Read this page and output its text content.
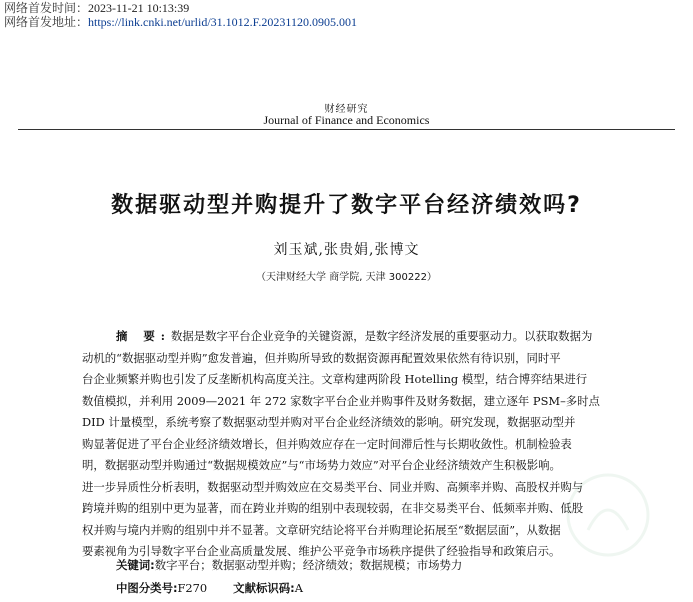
网络首发时间：2023-11-21 10:13:39
网络首发地址：https://link.cnki.net/urlid/31.1012.F.20231120.0905.001
财经研究
Journal of Finance and Economics
数据驱动型并购提升了数字平台经济绩效吗?
刘玉斌,张贵娟,张博文
（天津财经大学 商学院, 天津 300222）
摘 要:数据是数字平台企业竞争的关键资源，是数字经济发展的重要驱动力。以获取数据为
动机的“数据驱动型并购”愈发普遍，但并购所导致的数据资源再配置效果依然有待识别，同时平
台企业频繁并购也引发了反垄断机构高度关注。文章构建两阶段 Hotelling 模型，结合博弈结果进行
数值模拟，并利用 2009—2021 年 272 家数字平台企业并购事件及财务数据，建立逐年 PSM–多时点
DID 计量模型，系统考察了数据驱动型并购对平台企业经济绩效的影响。研究发现，数据驱动型并
购显著促进了平台企业经济绩效增长，但并购效应存在一定时间滞后性与长期收敛性。机制检验表
明，数据驱动型并购通过“数据规模效应”与“市场势力效应”对平台企业经济绩效产生积极影响。
进一步异质性分析表明，数据驱动型并购效应在交易类平台、同业并购、高频率并购、高股权并购与
跨境并购的组别中更为显著，而在跨业并购的组别中表现较弱，在非交易类平台、低频率并购、低股
权并购与境内并购的组别中并不显著。文章研究结论将平台并购理论拓展至“数据层面”，从数据
要素视角为引导数字平台企业高质量发展、维护公平竞争市场秩序提供了经验指导和政策启示。
关键词:数字平台；数据驱动型并购；经济绩效；数据规模；市场势力
中图分类号:F270 文献标识码:A
